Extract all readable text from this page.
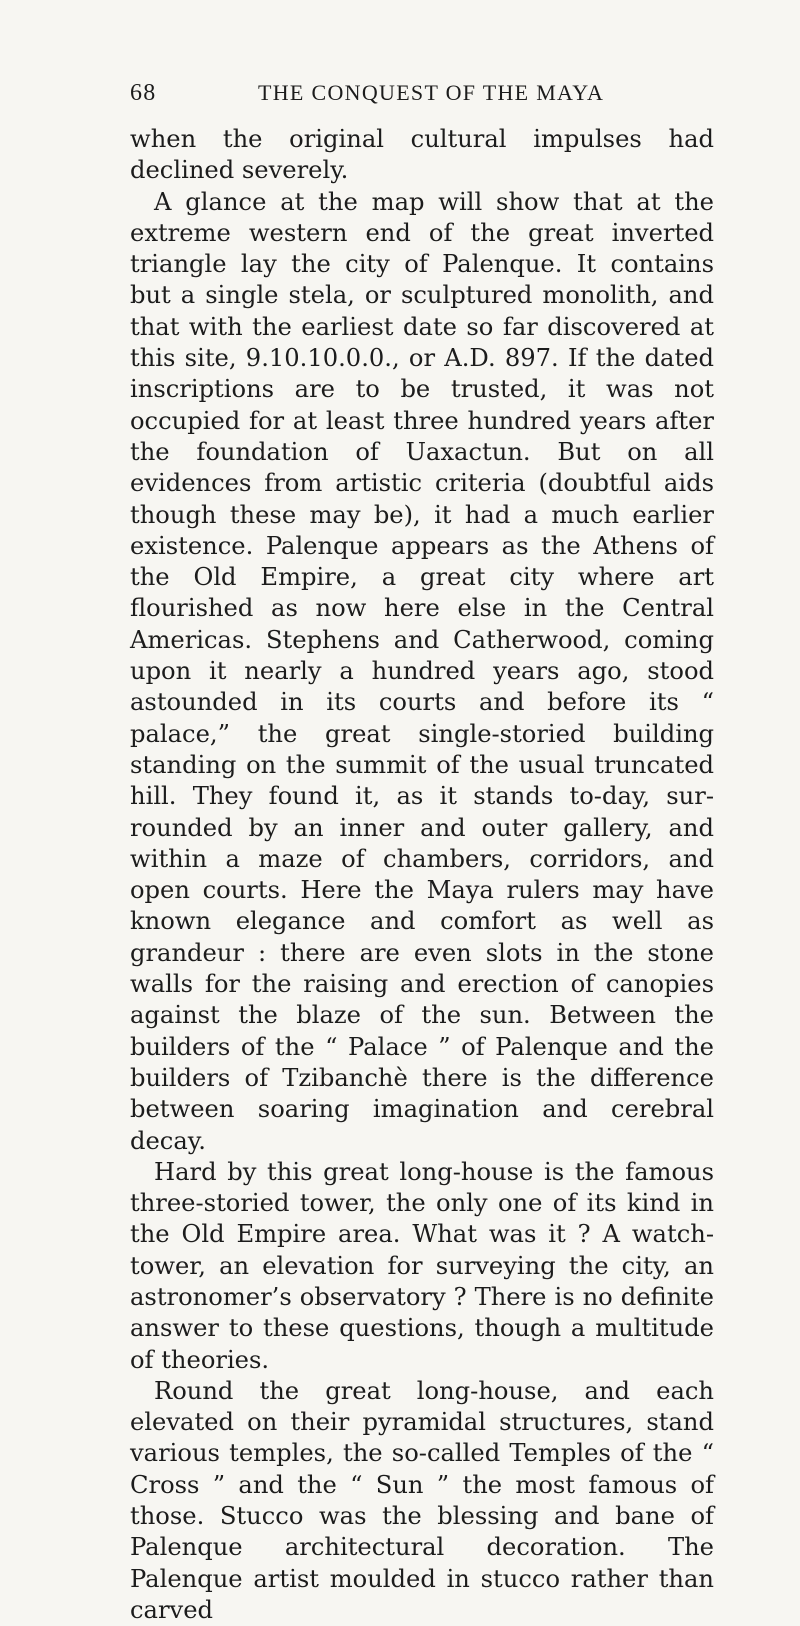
68	THE CONQUEST OF THE MAYA

when the original cultural impulses had declined severely.

A glance at the map will show that at the extreme western end of the great inverted triangle lay the city of Palenque. It contains but a single stela, or sculptured monolith, and that with the earliest date so far discovered at this site, 9.10.10.0.0., or A.D. 897. If the dated inscriptions are to be trusted, it was not occupied for at least three hundred years after the foundation of Uaxactun. But on all evidences from artistic criteria (doubtful aids though these may be), it had a much earlier existence. Palenque appears as the Athens of the Old Empire, a great city where art flourished as now here else in the Central Americas. Stephens and Catherwood, coming upon it nearly a hundred years ago, stood astounded in its courts and before its “ palace,” the great single-storied building standing on the summit of the usual truncated hill. They found it, as it stands to-day, surrounded by an inner and outer gallery, and within a maze of chambers, corridors, and open courts. Here the Maya rulers may have known elegance and comfort as well as grandeur : there are even slots in the stone walls for the raising and erection of canopies against the blaze of the sun. Between the builders of the “ Palace ” of Palenque and the builders of Tzibanchè there is the difference between soaring imagination and cerebral decay.

Hard by this great long-house is the famous three-storied tower, the only one of its kind in the Old Empire area. What was it ? A watch-tower, an elevation for surveying the city, an astronomer’s observatory ? There is no definite answer to these questions, though a multitude of theories.

Round the great long-house, and each elevated on their pyramidal structures, stand various temples, the so-called Temples of the “ Cross ” and the “ Sun ” the most famous of those. Stucco was the blessing and bane of Palenque architectural decoration. The Palenque artist moulded in stucco rather than carved
